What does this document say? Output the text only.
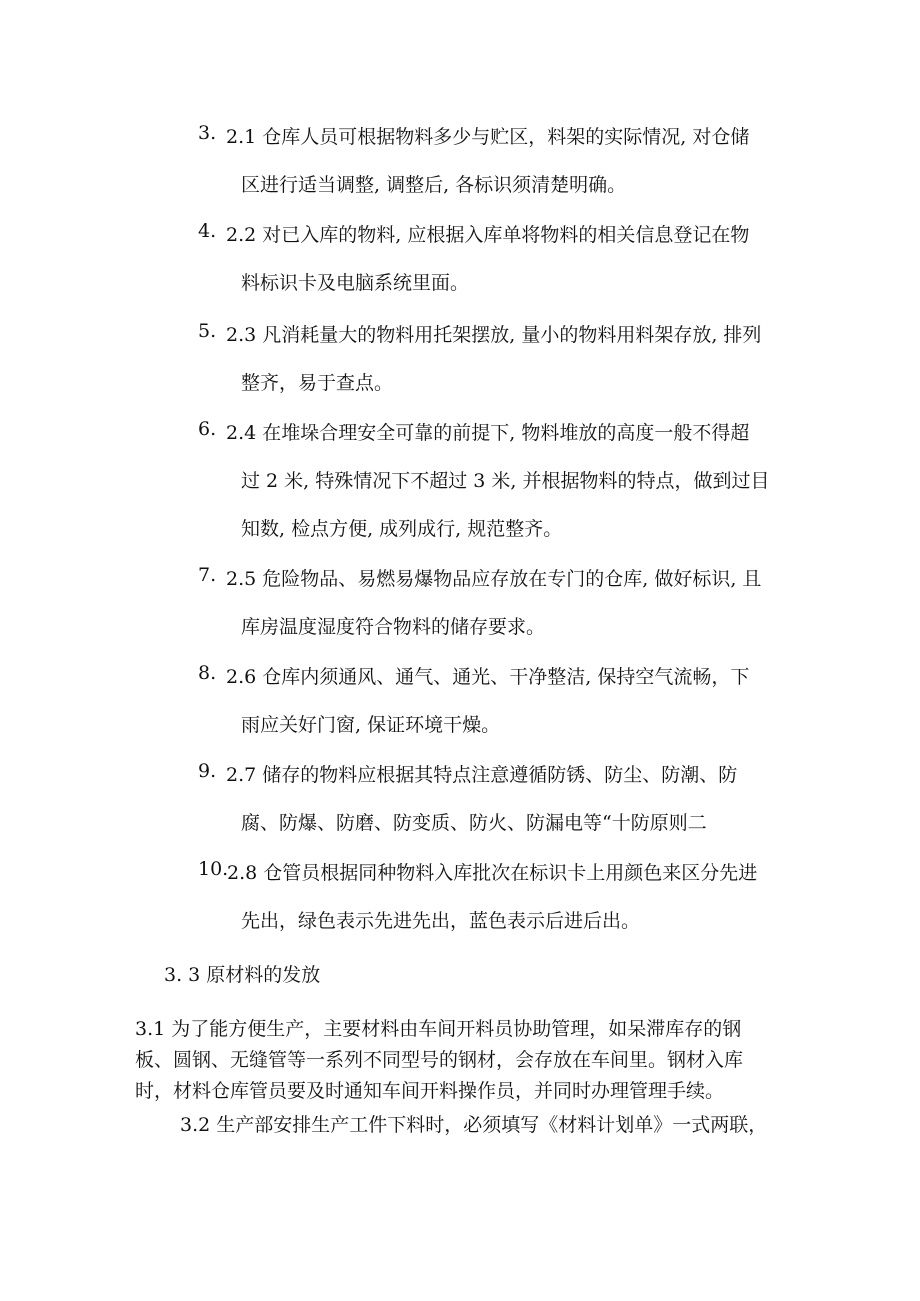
3. 2.1 仓库人员可根据物料多少与贮区，料架的实际情况, 对仓储
区进行适当调整, 调整后, 各标识须清楚明确。
4. 2.2 对已入库的物料, 应根据入库单将物料的相关信息登记在物
料标识卡及电脑系统里面。
5. 2.3 凡消耗量大的物料用托架摆放, 量小的物料用料架存放, 排列
整齐，易于查点。
6. 2.4 在堆垛合理安全可靠的前提下, 物料堆放的高度一般不得超
过 2 米, 特殊情况下不超过 3 米, 并根据物料的特点，做到过目
知数, 检点方便, 成列成行, 规范整齐。
7. 2.5 危险物品、易燃易爆物品应存放在专门的仓库, 做好标识, 且
库房温度湿度符合物料的储存要求。
8. 2.6 仓库内须通风、通气、通光、干净整洁, 保持空气流畅，下
雨应关好门窗, 保证环境干燥。
9. 2.7 储存的物料应根据其特点注意遵循防锈、防尘、防潮、防
腐、防爆、防磨、防变质、防火、防漏电等“十防原则二
10.
2.8 仓管员根据同种物料入库批次在标识卡上用颜色来区分先进
先出，绿色表示先进先出，蓝色表示后进后出。
3. 3 原材料的发放
3.1 为了能方便生产，主要材料由车间开料员协助管理，如呆滞库存的钢
板、圆钢、无缝管等一系列不同型号的钢材，会存放在车间里。钢材入库
时，材料仓库管员要及时通知车间开料操作员，并同时办理管理手续。
3.2 生产部安排生产工件下料时，必须填写《材料计划单》一式两联，
